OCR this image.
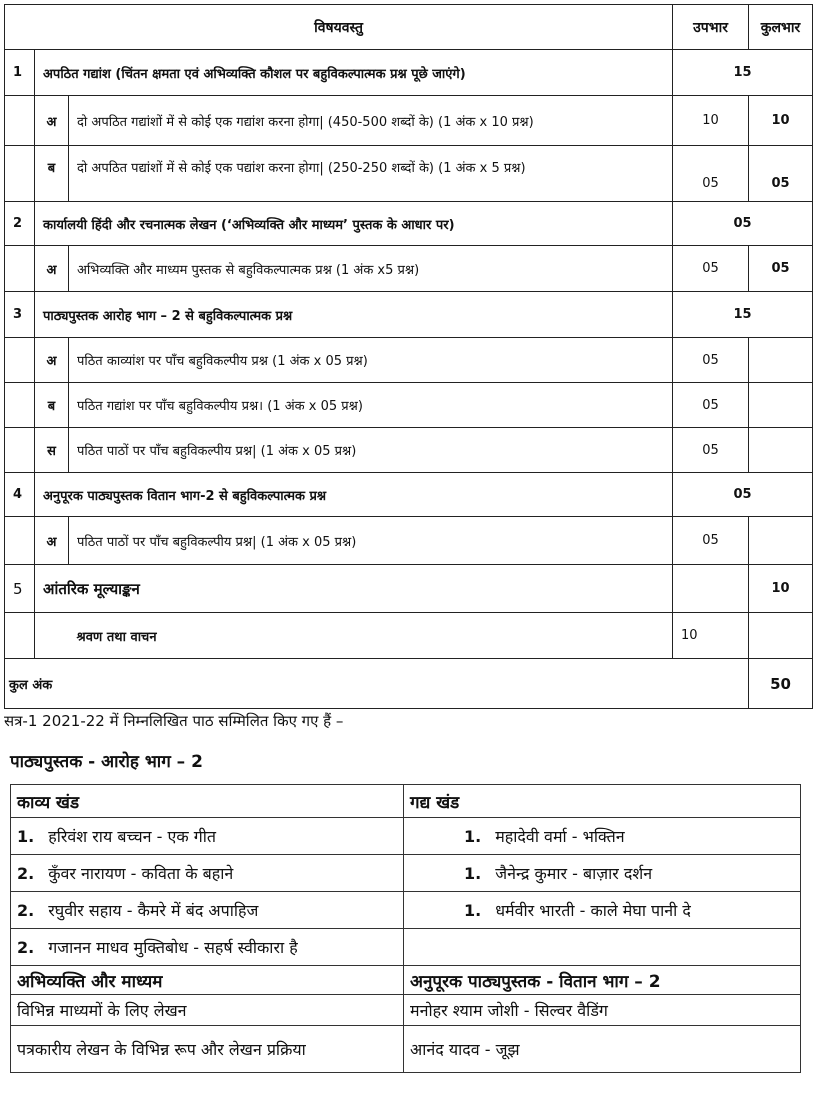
विषयवस्तु			उपभार	कुलभार
1	अपठित गद्यांश (चिंतन क्षमता एवं अभिव्यक्ति कौशल पर बहुविकल्पात्मक प्रश्न पूछे जाएंगे)		15	
	अ	दो अपठित गद्यांशों में से कोई एक गद्यांश करना होगा| (450-500 शब्दों के) (1 अंक x 10 प्रश्न)	10	10
	ब	दो अपठित पद्यांशों में से कोई एक पद्यांश करना होगा| (250-250 शब्दों के) (1 अंक x 5 प्रश्न)	05	05
2	कार्यालयी हिंदी और रचनात्मक लेखन (‘अभिव्यक्ति और माध्यम’ पुस्तक के आधार पर)		05	
	अ	अभिव्यक्ति और माध्यम पुस्तक से बहुविकल्पात्मक प्रश्न (1 अंक x5 प्रश्न)	05	05
3	पाठ्यपुस्तक आरोह भाग – 2 से बहुविकल्पात्मक प्रश्न		15	
	अ	पठित काव्यांश पर पाँच बहुविकल्पीय प्रश्न (1 अंक x 05 प्रश्न)	05	
	ब	पठित गद्यांश पर पाँच बहुविकल्पीय प्रश्न। (1 अंक x 05 प्रश्न)	05	
	स	पठित पाठों पर पाँच बहुविकल्पीय प्रश्न| (1 अंक x 05 प्रश्न)	05	
4	अनुपूरक पाठ्यपुस्तक वितान भाग-2 से बहुविकल्पात्मक प्रश्न		05	
	अ	पठित पाठों पर पाँच बहुविकल्पीय प्रश्न| (1 अंक x 05 प्रश्न)	05	
5	आंतरिक मूल्याङ्कन			10
		श्रवण तथा वाचन	10	
कुल अंक				50
सत्र-1 2021-22 में निम्नलिखित पाठ सम्मिलित किए गए हैं –
पाठ्यपुस्तक - आरोह भाग – 2
काव्य खंड	गद्य खंड
1. हरिवंश राय बच्चन - एक गीत	1. महादेवी वर्मा - भक्तिन
2. कुँवर नारायण - कविता के बहाने	1. जैनेन्द्र कुमार - बाज़ार दर्शन
2. रघुवीर सहाय - कैमरे में बंद अपाहिज	1. धर्मवीर भारती - काले मेघा पानी दे
2. गजानन माधव मुक्तिबोध - सहर्ष स्वीकारा है	
अभिव्यक्ति और माध्यम	अनुपूरक पाठ्यपुस्तक - वितान भाग – 2
विभिन्न माध्यमों के लिए लेखन	मनोहर श्याम जोशी - सिल्वर वैडिंग
पत्रकारीय लेखन के विभिन्न रूप और लेखन प्रक्रिया	आनंद यादव - जूझ
